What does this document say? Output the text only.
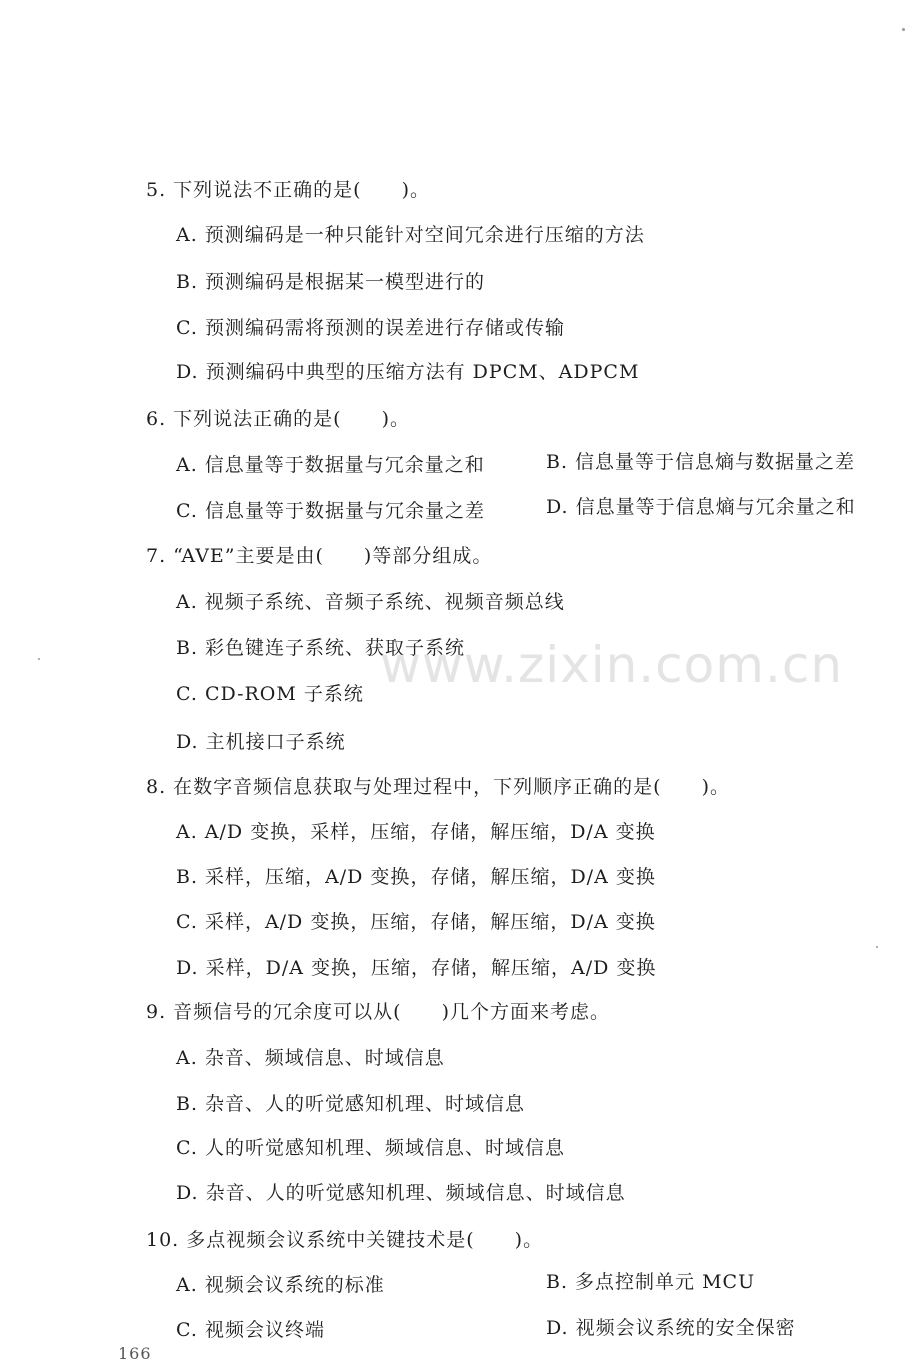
5. 下列说法不正确的是(　　)。
A. 预测编码是一种只能针对空间冗余进行压缩的方法
B. 预测编码是根据某一模型进行的
C. 预测编码需将预测的误差进行存储或传输
D. 预测编码中典型的压缩方法有 DPCM、ADPCM
6. 下列说法正确的是(　　)。
A. 信息量等于数据量与冗余量之和	B. 信息量等于信息熵与数据量之差
C. 信息量等于数据量与冗余量之差	D. 信息量等于信息熵与冗余量之和
7. “AVE”主要是由(　　)等部分组成。
A. 视频子系统、音频子系统、视频音频总线
B. 彩色键连子系统、获取子系统
C. CD-ROM 子系统
D. 主机接口子系统
www.zixin.com.cn
8. 在数字音频信息获取与处理过程中，下列顺序正确的是(　　)。
A. A/D 变换，采样，压缩，存储，解压缩，D/A 变换
B. 采样，压缩，A/D 变换，存储，解压缩，D/A 变换
C. 采样，A/D 变换，压缩，存储，解压缩，D/A 变换
D. 采样，D/A 变换，压缩，存储，解压缩，A/D 变换
9. 音频信号的冗余度可以从(　　)几个方面来考虑。
A. 杂音、频域信息、时域信息
B. 杂音、人的听觉感知机理、时域信息
C. 人的听觉感知机理、频域信息、时域信息
D. 杂音、人的听觉感知机理、频域信息、时域信息
10. 多点视频会议系统中关键技术是(　　)。
A. 视频会议系统的标准	B. 多点控制单元 MCU
C. 视频会议终端	D. 视频会议系统的安全保密
166
